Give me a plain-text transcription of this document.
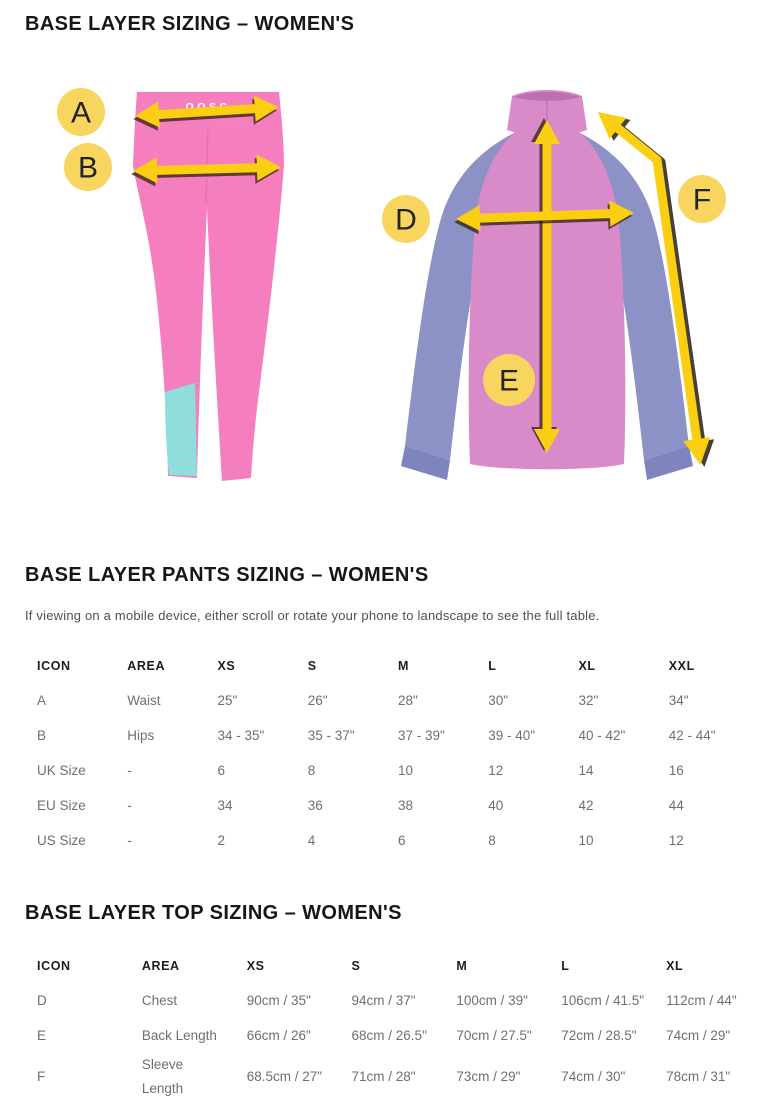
BASE LAYER SIZING – WOMEN'S
OOSC
A
B
D
E
F
BASE LAYER PANTS SIZING – WOMEN'S
If viewing on a mobile device, either scroll or rotate your phone to landscape to see the full table.
ICON	AREA	XS	S	M	L	XL	XXL

A	Waist	25"	26"	28"	30"	32"	34"

B	Hips	34 - 35"	35 - 37"	37 - 39"	39 - 40"	40 - 42"	42 - 44"

UK Size	-	6	8	10	12	14	16

EU Size	-	34	36	38	40	42	44

US Size	-	2	4	6	8	10	12
BASE LAYER TOP SIZING – WOMEN'S
ICON	AREA	XS	S	M	L	XL

D	Chest	90cm / 35"	94cm / 37"	100cm / 39"	106cm / 41.5"	112cm / 44"

E	Back Length	66cm / 26"	68cm / 26.5"	70cm / 27.5"	72cm / 28.5"	74cm / 29"

F	Sleeve Length	68.5cm / 27"	71cm / 28"	73cm / 29"	74cm / 30"	78cm / 31"
